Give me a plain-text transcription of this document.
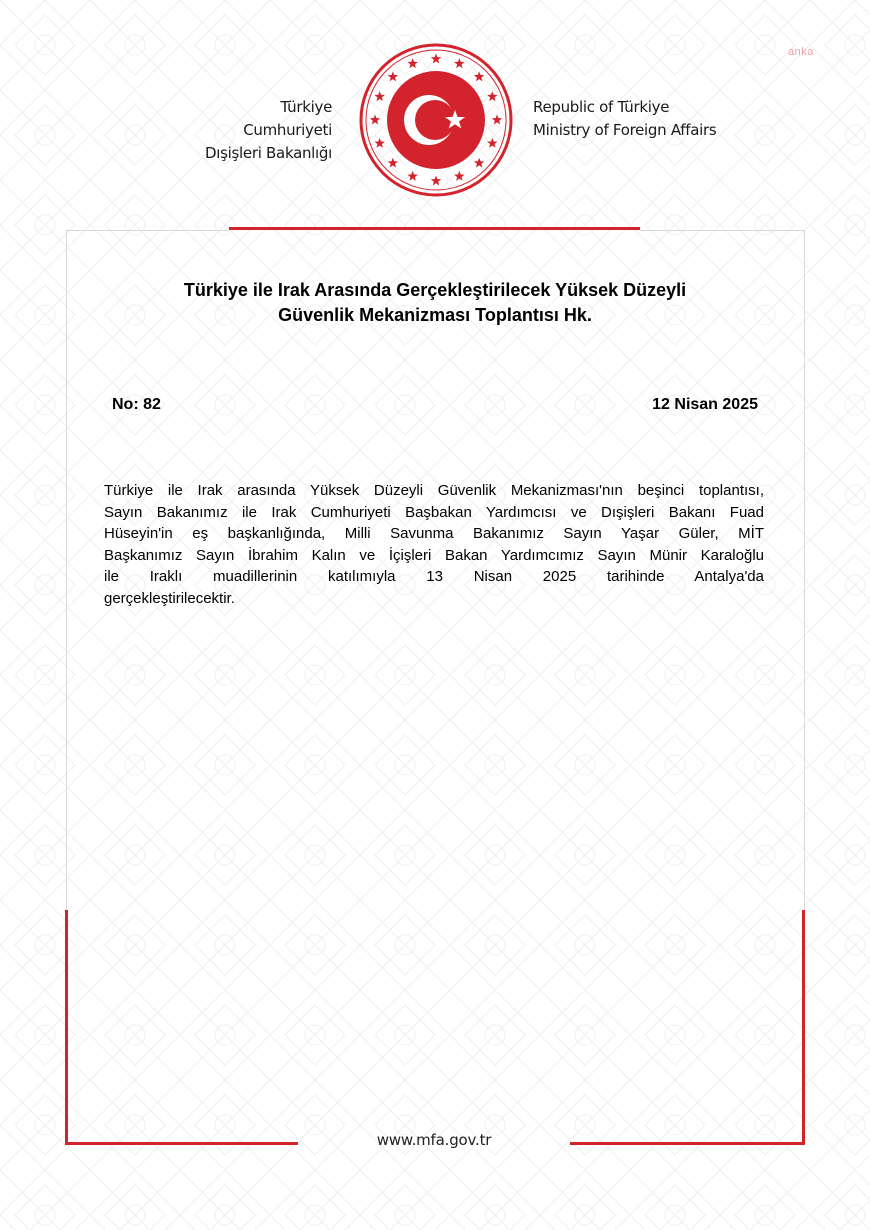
anka
Türkiye Cumhuriyeti
Dışişleri Bakanlığı
Republic of Türkiye
Ministry of Foreign Affairs
Türkiye ile Irak Arasında Gerçekleştirilecek Yüksek Düzeyli
Güvenlik Mekanizması Toplantısı Hk.
No: 82	12 Nisan 2025
Türkiye ile Irak arasında Yüksek Düzeyli Güvenlik Mekanizması'nın beşinci toplantısı,
Sayın Bakanımız ile Irak Cumhuriyeti Başbakan Yardımcısı ve Dışişleri Bakanı Fuad
Hüseyin'in eş başkanlığında, Milli Savunma Bakanımız Sayın Yaşar Güler, MİT
Başkanımız Sayın İbrahim Kalın ve İçişleri Bakan Yardımcımız Sayın Münir Karaloğlu
ile Iraklı muadillerinin katılımıyla 13 Nisan 2025 tarihinde Antalya'da
gerçekleştirilecektir.
www.mfa.gov.tr
